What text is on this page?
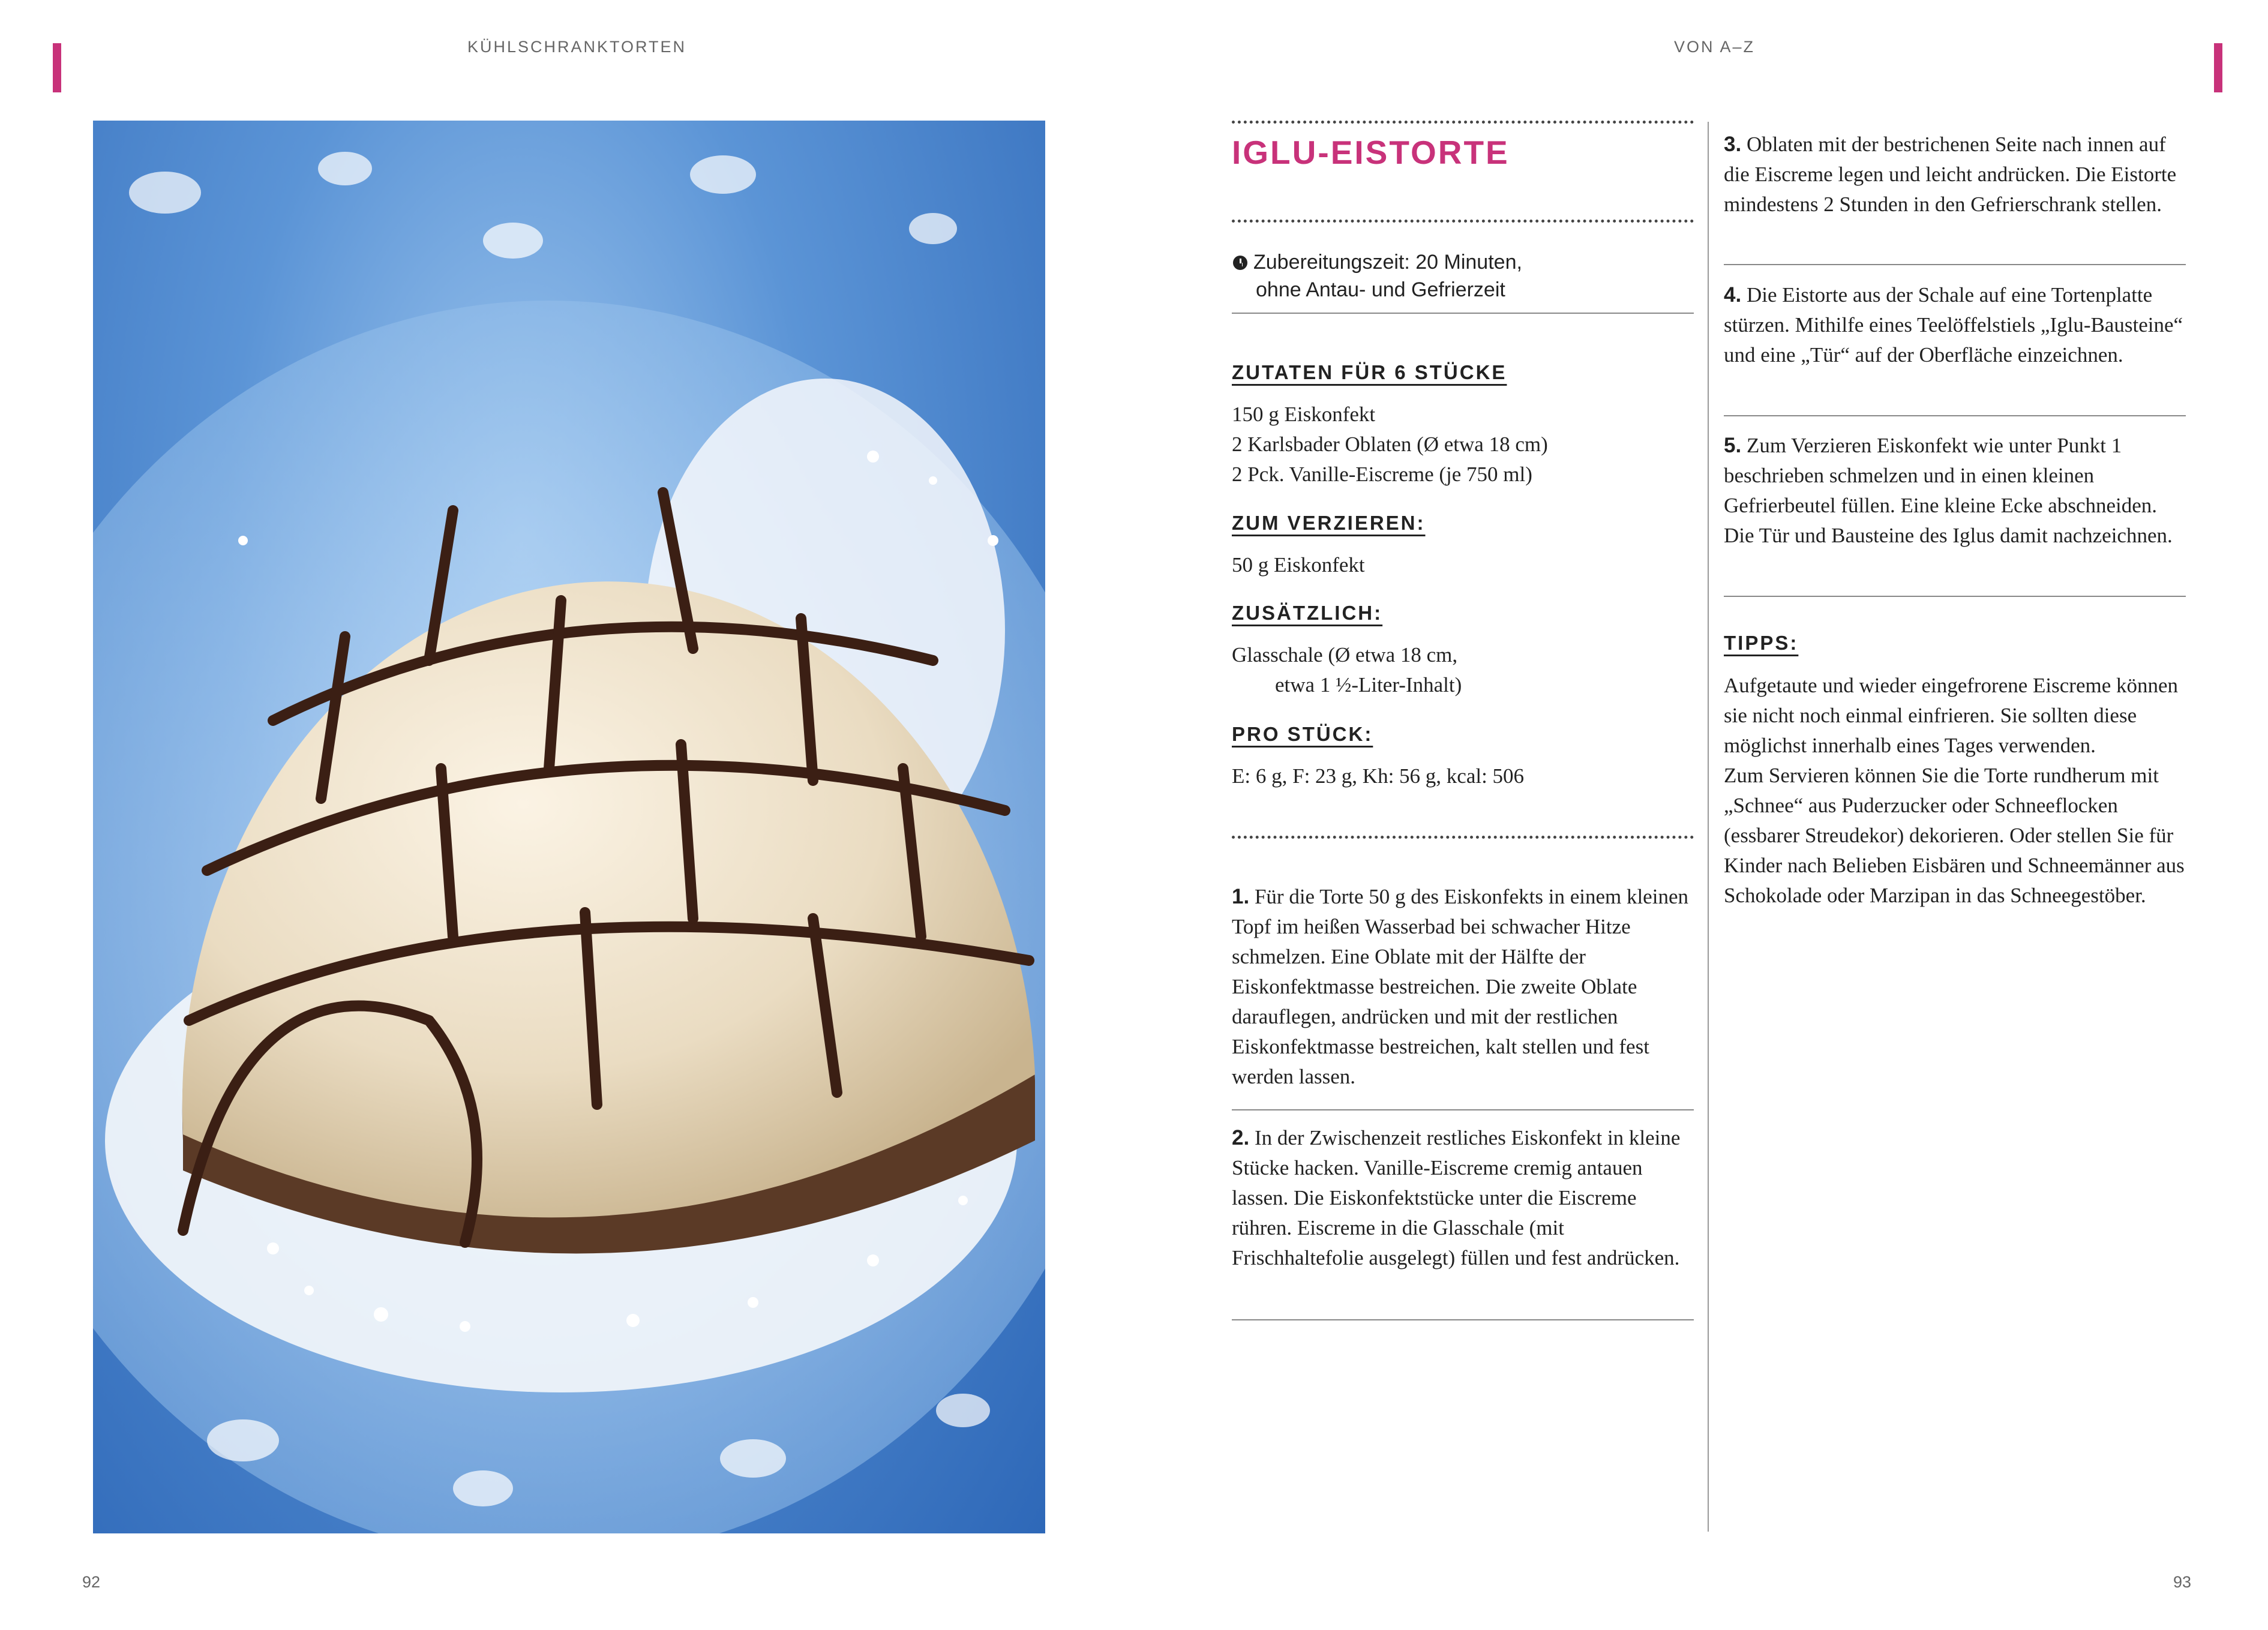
KÜHLSCHRANKTORTEN	VON A–Z
IGLU-EISTORTE
Zubereitungszeit: 20 Minuten,
ohne Antau- und Gefrierzeit
ZUTATEN FÜR 6 STÜCKE
150 g Eiskonfekt
2 Karlsbader Oblaten (Ø etwa 18 cm)
2 Pck. Vanille-Eiscreme (je 750 ml)
ZUM VERZIEREN:
50 g Eiskonfekt
ZUSÄTZLICH:
Glasschale (Ø etwa 18 cm,
etwa 1 ½-Liter-Inhalt)
PRO STÜCK:
E: 6 g, F: 23 g, Kh: 56 g, kcal: 506
1. Für die Torte 50 g des Eiskonfekts in einem kleinen Topf im heißen Wasserbad bei schwacher Hitze schmelzen. Eine Oblate mit der Hälfte der Eiskonfektmasse bestreichen. Die zweite Oblate darauflegen, andrücken und mit der restlichen Eiskonfektmasse bestreichen, kalt stellen und fest werden lassen.
2. In der Zwischenzeit restliches Eiskonfekt in kleine Stücke hacken. Vanille-Eiscreme cremig antauen lassen. Die Eiskonfektstücke unter die Eiscreme rühren. Eiscreme in die Glasschale (mit Frischhaltefolie ausgelegt) füllen und fest andrücken.
3. Oblaten mit der bestrichenen Seite nach innen auf die Eiscreme legen und leicht andrücken. Die Eistorte mindestens 2 Stunden in den Gefrierschrank stellen.
4. Die Eistorte aus der Schale auf eine Tortenplatte stürzen. Mithilfe eines Teelöffelstiels „Iglu-Bausteine“ und eine „Tür“ auf der Oberfläche einzeichnen.
5. Zum Verzieren Eiskonfekt wie unter Punkt 1 beschrieben schmelzen und in einen kleinen Gefrierbeutel füllen. Eine kleine Ecke abschneiden. Die Tür und Bausteine des Iglus damit nachzeichnen.
TIPPS:
Aufgetaute und wieder eingefrorene Eiscreme können sie nicht noch einmal einfrieren. Sie sollten diese möglichst innerhalb eines Tages verwenden.
Zum Servieren können Sie die Torte rundherum mit „Schnee“ aus Puderzucker oder Schneeflocken (essbarer Streudekor) dekorieren. Oder stellen Sie für Kinder nach Belieben Eisbären und Schneemänner aus Schokolade oder Marzipan in das Schneegestöber.
92	93
